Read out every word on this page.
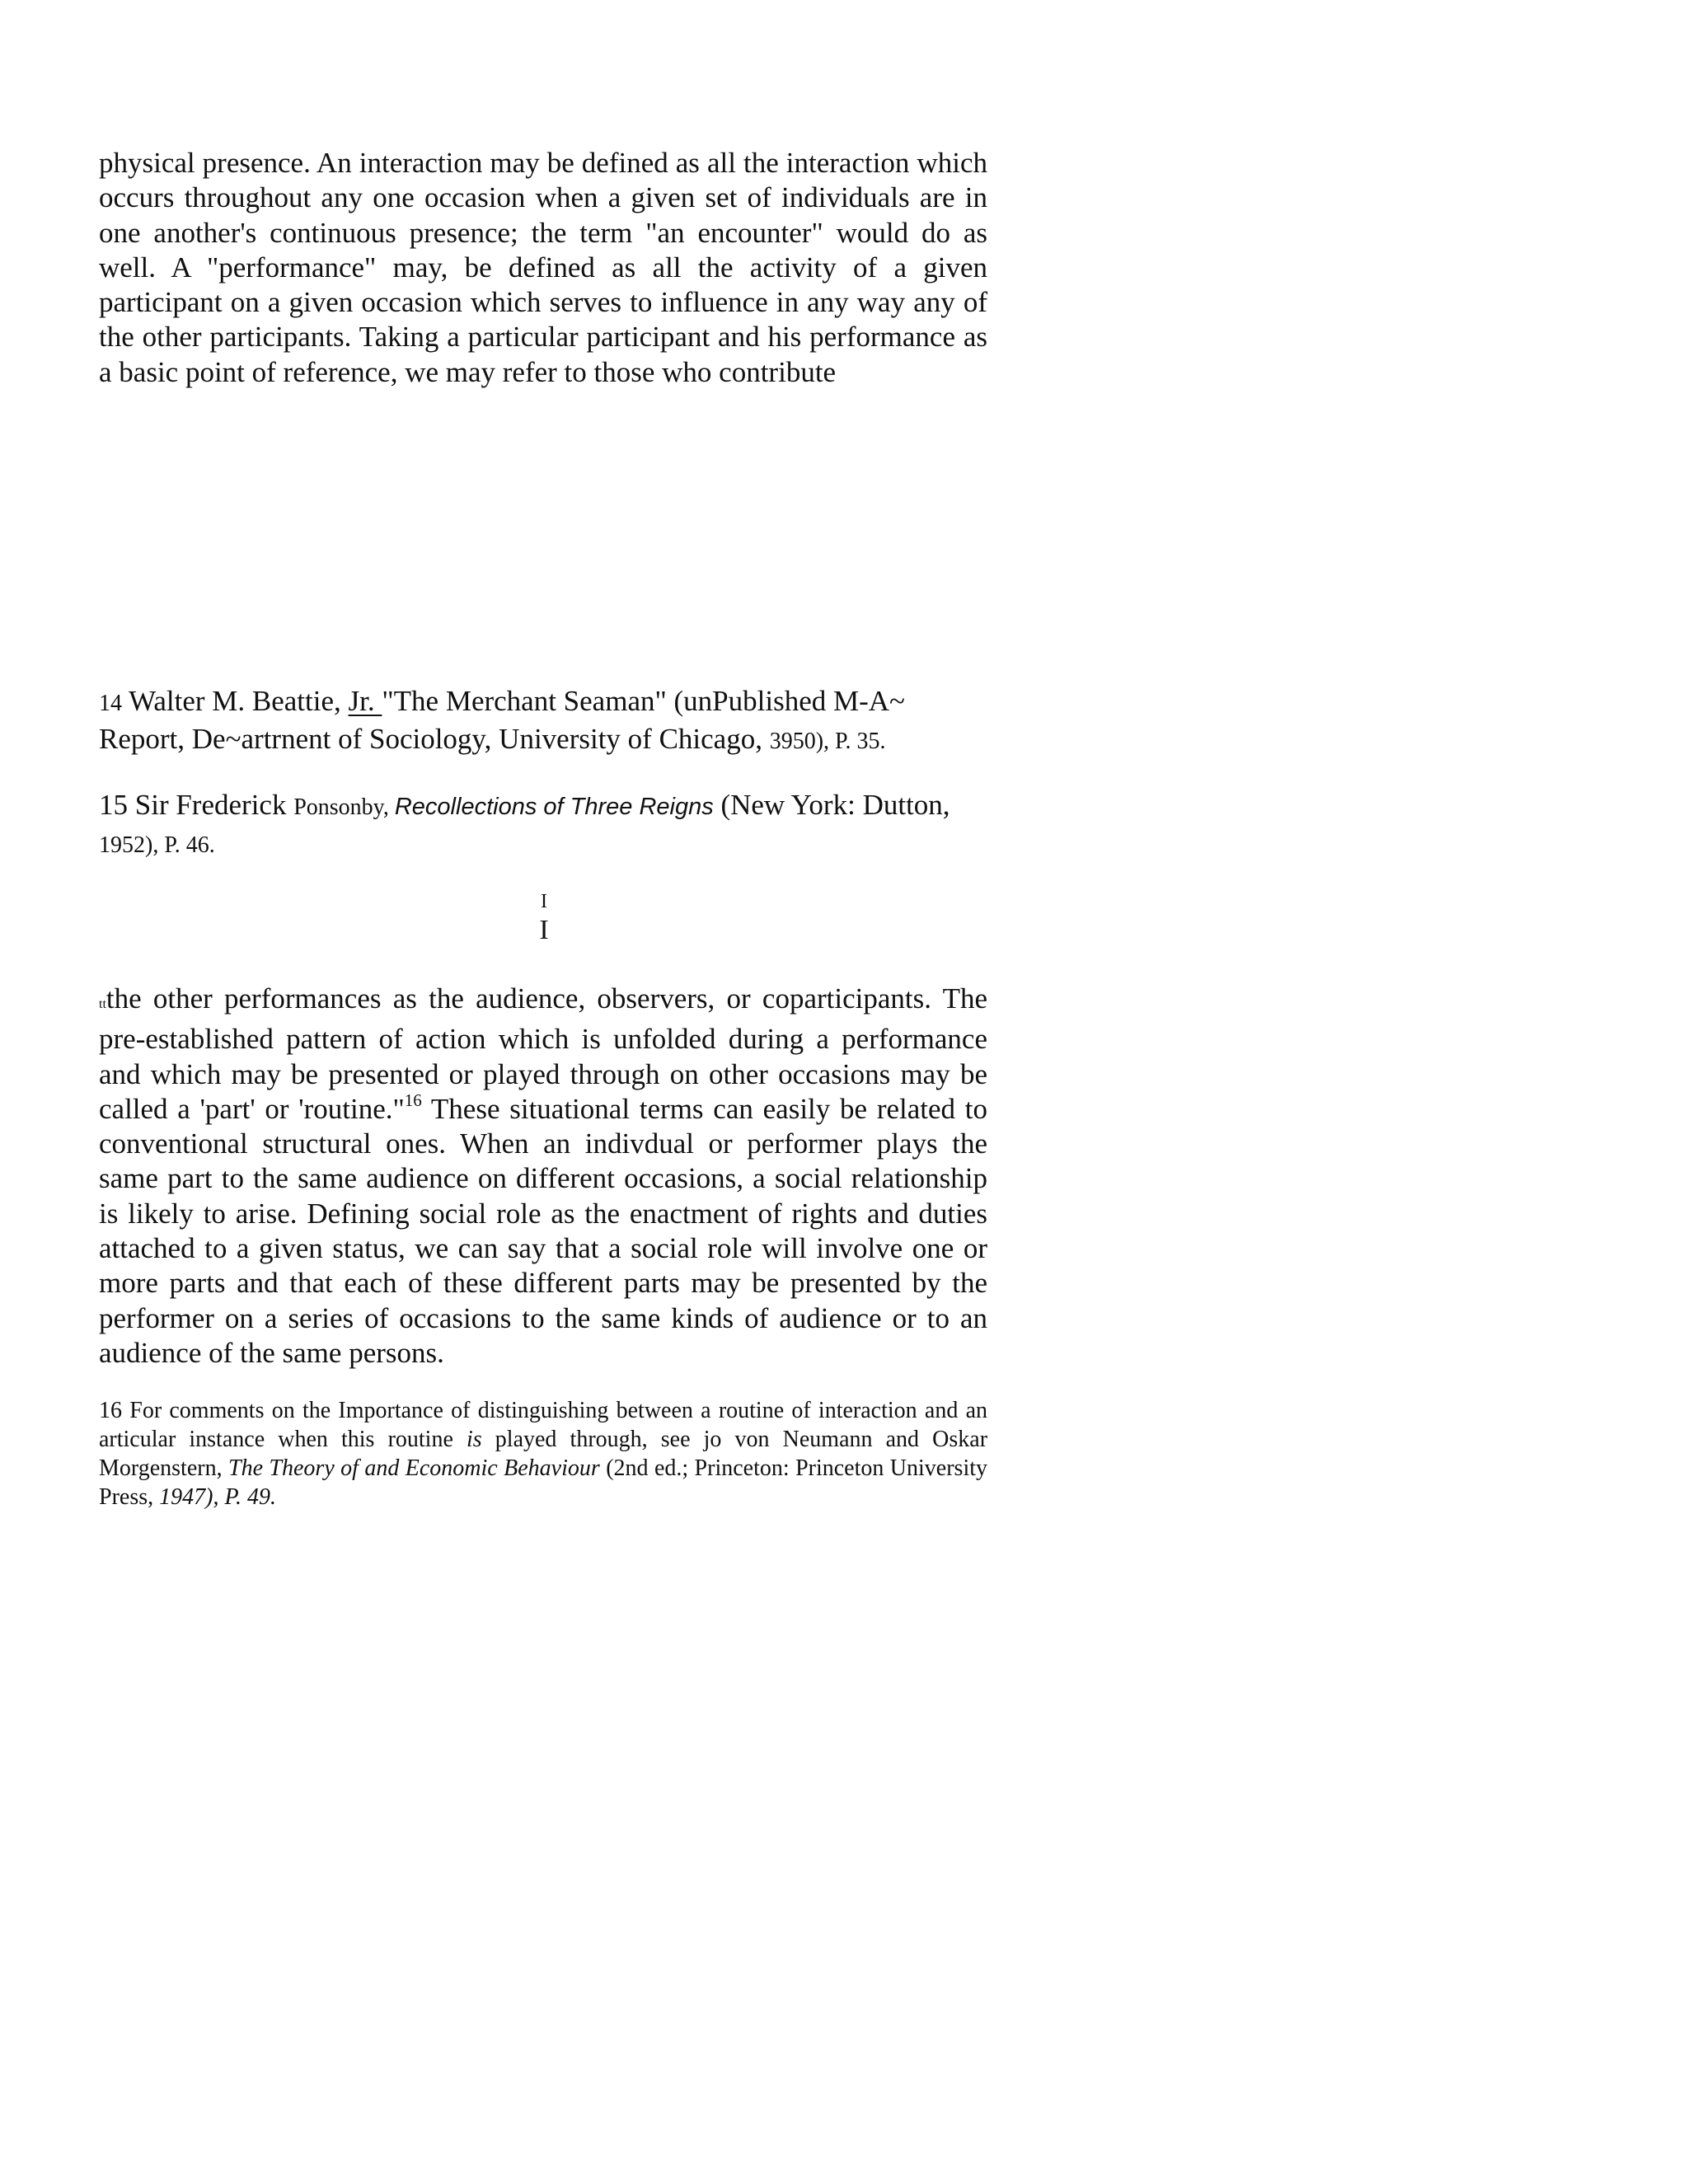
physical presence. An interaction may be defined as all the interaction which occurs throughout any one occasion when a given set of individuals are in one another's continuous presence; the term "an encounter" would do as well. A "performance" may, be defined as all the activity of a given participant on a given occasion which serves to influence in any way any of the other participants. Taking a particular participant and his performance as a basic point of reference, we may refer to those who contribute

14 Walter M. Beattie, Jr. "The Merchant Seaman" (unPublished M-A~ Report, De~artrnent of Sociology, University of Chicago, 3950), P. 35.

15 Sir Frederick Ponsonby, Recollections of Three Reigns (New York: Dutton, 1952), P. 46.

I
I

ttthe other performances as the audience, observers, or coparticipants. The pre-established pattern of action which is unfolded during a performance and which may be presented or played through on other occasions may be called a 'part' or 'routine."$^{16}$ These situational terms can easily be related to conventional structural ones. When an indivdual or performer plays the same part to the same audience on different occasions, a social relationship is likely to arise. Defining social role as the enactment of rights and duties attached to a given status, we can say that a social role will involve one or more parts and that each of these different parts may be presented by the performer on a series of occasions to the same kinds of audience or to an audience of the same persons.

16 For comments on the Importance of distinguishing between a routine of interaction and an articular instance when this routine is played through, see jo von Neumann and Oskar Morgenstern, The Theory of and Economic Behaviour (2nd ed.; Princeton: Princeton University Press, 1947), P. 49.
